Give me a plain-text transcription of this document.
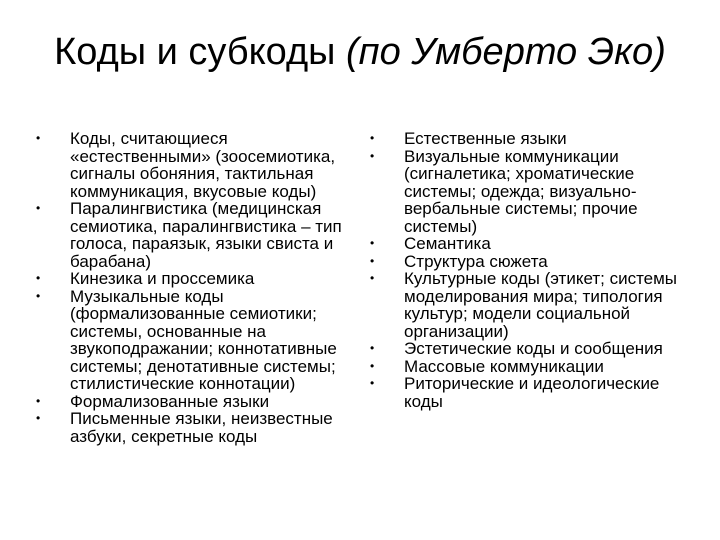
Коды и субкоды (по Умберто Эко)
•	Коды, считающиеся «естественными» (зоосемиотика, сигналы обоняния, тактильная коммуникация, вкусовые коды)
•	Паралингвистика (медицинская семиотика, паралингвистика – тип голоса, параязык, языки свиста и барабана)
•	Кинезика и проссемика
•	Музыкальные коды (формализованные семиотики; системы, основанные на звукоподражании; коннотативные системы; денотативные системы; стилистические коннотации)
•	Формализованные языки
•	Письменные языки, неизвестные азбуки, секретные коды
•	Естественные языки
•	Визуальные коммуникации (сигналетика; хроматические системы; одежда; визуально-вербальные системы; прочие системы)
•	Семантика
•	Структура сюжета
•	Культурные коды (этикет; системы моделирования мира; типология культур; модели социальной организации)
•	Эстетические коды и сообщения
•	Массовые коммуникации
•	Риторические и идеологические коды
